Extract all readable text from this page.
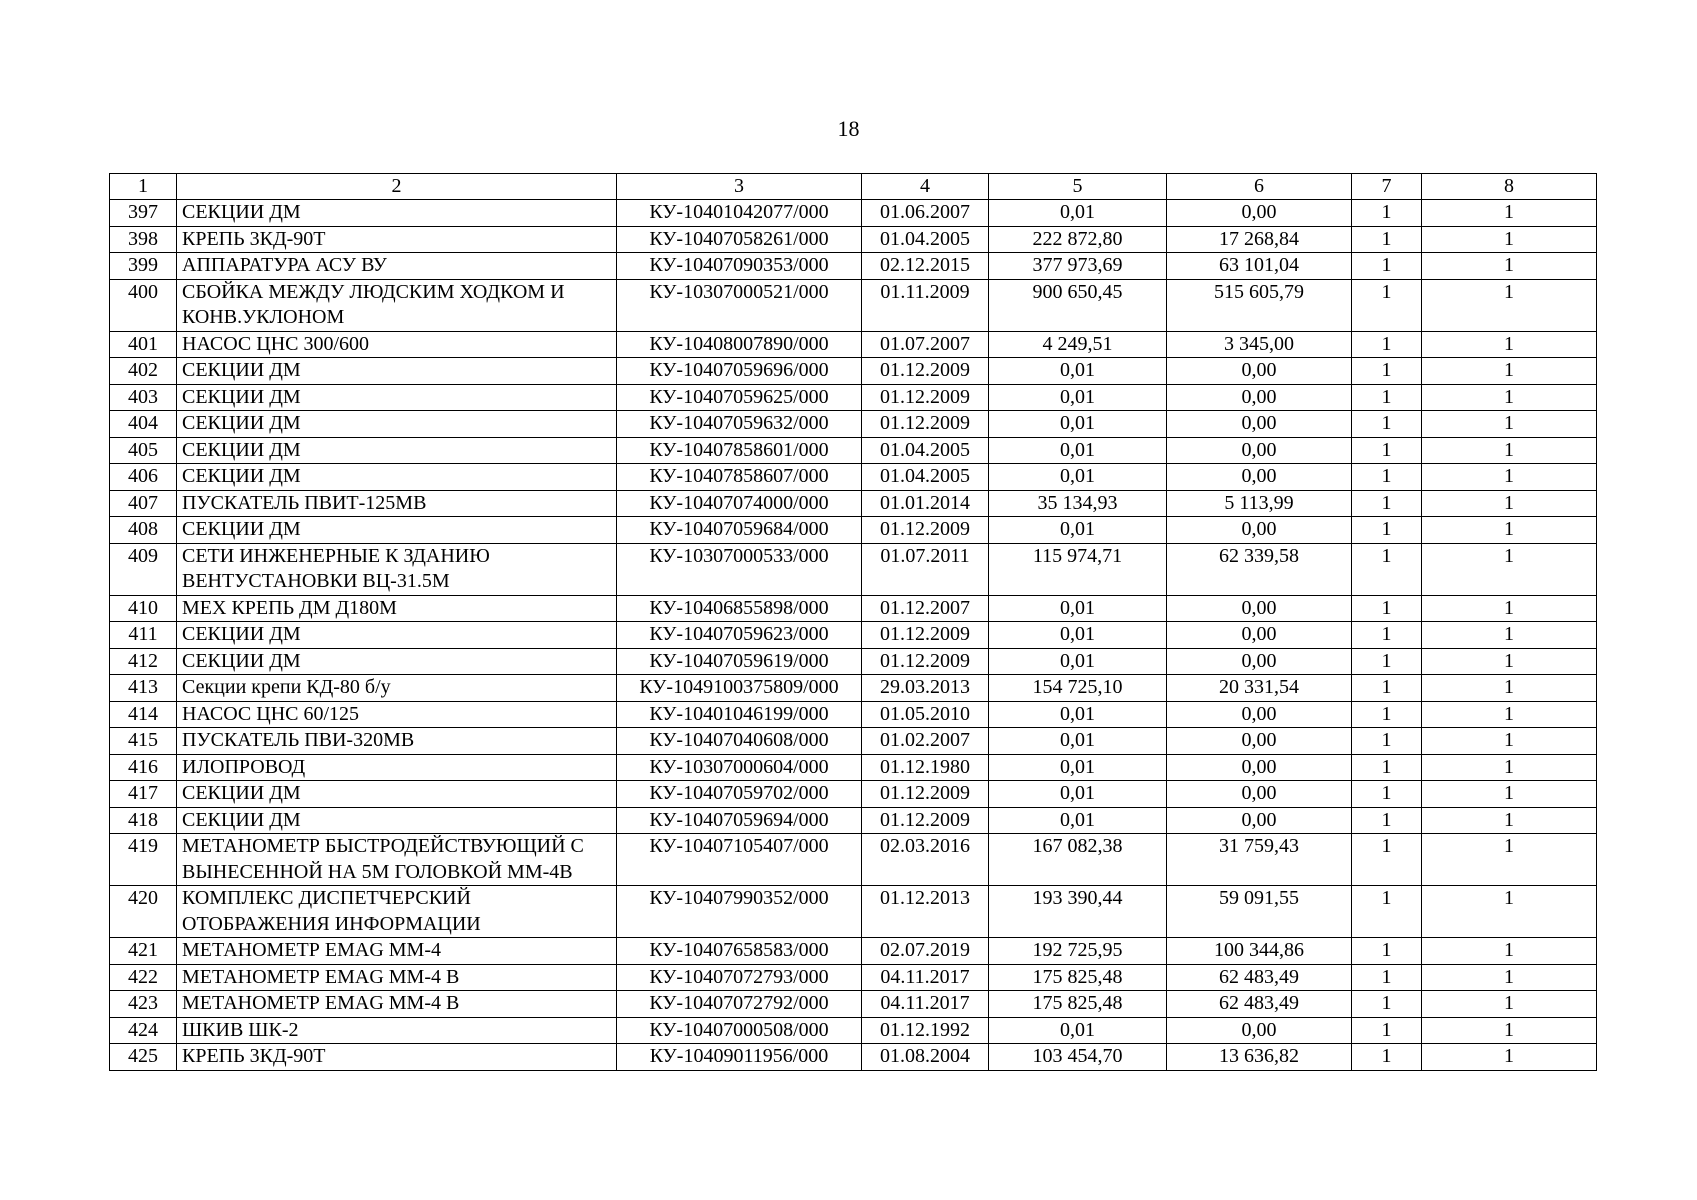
18
1	2	3	4	5	6	7	8
397	СЕКЦИИ ДМ	КУ-10401042077/000	01.06.2007	0,01	0,00	1	1
398	КРЕПЬ 3КД-90Т	КУ-10407058261/000	01.04.2005	222 872,80	17 268,84	1	1
399	АППАРАТУРА АСУ ВУ	КУ-10407090353/000	02.12.2015	377 973,69	63 101,04	1	1
400	СБОЙКА МЕЖДУ ЛЮДСКИМ ХОДКОМ И КОНВ.УКЛОНОМ	КУ-10307000521/000	01.11.2009	900 650,45	515 605,79	1	1
401	НАСОС ЦНС 300/600	КУ-10408007890/000	01.07.2007	4 249,51	3 345,00	1	1
402	СЕКЦИИ ДМ	КУ-10407059696/000	01.12.2009	0,01	0,00	1	1
403	СЕКЦИИ ДМ	КУ-10407059625/000	01.12.2009	0,01	0,00	1	1
404	СЕКЦИИ ДМ	КУ-10407059632/000	01.12.2009	0,01	0,00	1	1
405	СЕКЦИИ ДМ	КУ-10407858601/000	01.04.2005	0,01	0,00	1	1
406	СЕКЦИИ ДМ	КУ-10407858607/000	01.04.2005	0,01	0,00	1	1
407	ПУСКАТЕЛЬ ПВИТ-125МВ	КУ-10407074000/000	01.01.2014	35 134,93	5 113,99	1	1
408	СЕКЦИИ ДМ	КУ-10407059684/000	01.12.2009	0,01	0,00	1	1
409	СЕТИ ИНЖЕНЕРНЫЕ К ЗДАНИЮ ВЕНТУСТАНОВКИ ВЦ-31.5М	КУ-10307000533/000	01.07.2011	115 974,71	62 339,58	1	1
410	МЕХ КРЕПЬ ДМ Д180М	КУ-10406855898/000	01.12.2007	0,01	0,00	1	1
411	СЕКЦИИ ДМ	КУ-10407059623/000	01.12.2009	0,01	0,00	1	1
412	СЕКЦИИ ДМ	КУ-10407059619/000	01.12.2009	0,01	0,00	1	1
413	Секции крепи КД-80 б/у	КУ-1049100375809/000	29.03.2013	154 725,10	20 331,54	1	1
414	НАСОС ЦНС 60/125	КУ-10401046199/000	01.05.2010	0,01	0,00	1	1
415	ПУСКАТЕЛЬ ПВИ-320МВ	КУ-10407040608/000	01.02.2007	0,01	0,00	1	1
416	ИЛОПРОВОД	КУ-10307000604/000	01.12.1980	0,01	0,00	1	1
417	СЕКЦИИ ДМ	КУ-10407059702/000	01.12.2009	0,01	0,00	1	1
418	СЕКЦИИ ДМ	КУ-10407059694/000	01.12.2009	0,01	0,00	1	1
419	МЕТАНОМЕТР БЫСТРОДЕЙСТВУЮЩИЙ С ВЫНЕСЕННОЙ НА 5М ГОЛОВКОЙ ММ-4В	КУ-10407105407/000	02.03.2016	167 082,38	31 759,43	1	1
420	КОМПЛЕКС ДИСПЕТЧЕРСКИЙ ОТОБРАЖЕНИЯ ИНФОРМАЦИИ	КУ-10407990352/000	01.12.2013	193 390,44	59 091,55	1	1
421	МЕТАНОМЕТР EMAG ММ-4	КУ-10407658583/000	02.07.2019	192 725,95	100 344,86	1	1
422	МЕТАНОМЕТР EMAG ММ-4 В	КУ-10407072793/000	04.11.2017	175 825,48	62 483,49	1	1
423	МЕТАНОМЕТР EMAG ММ-4 В	КУ-10407072792/000	04.11.2017	175 825,48	62 483,49	1	1
424	ШКИВ ШК-2	КУ-10407000508/000	01.12.1992	0,01	0,00	1	1
425	КРЕПЬ 3КД-90Т	КУ-10409011956/000	01.08.2004	103 454,70	13 636,82	1	1
